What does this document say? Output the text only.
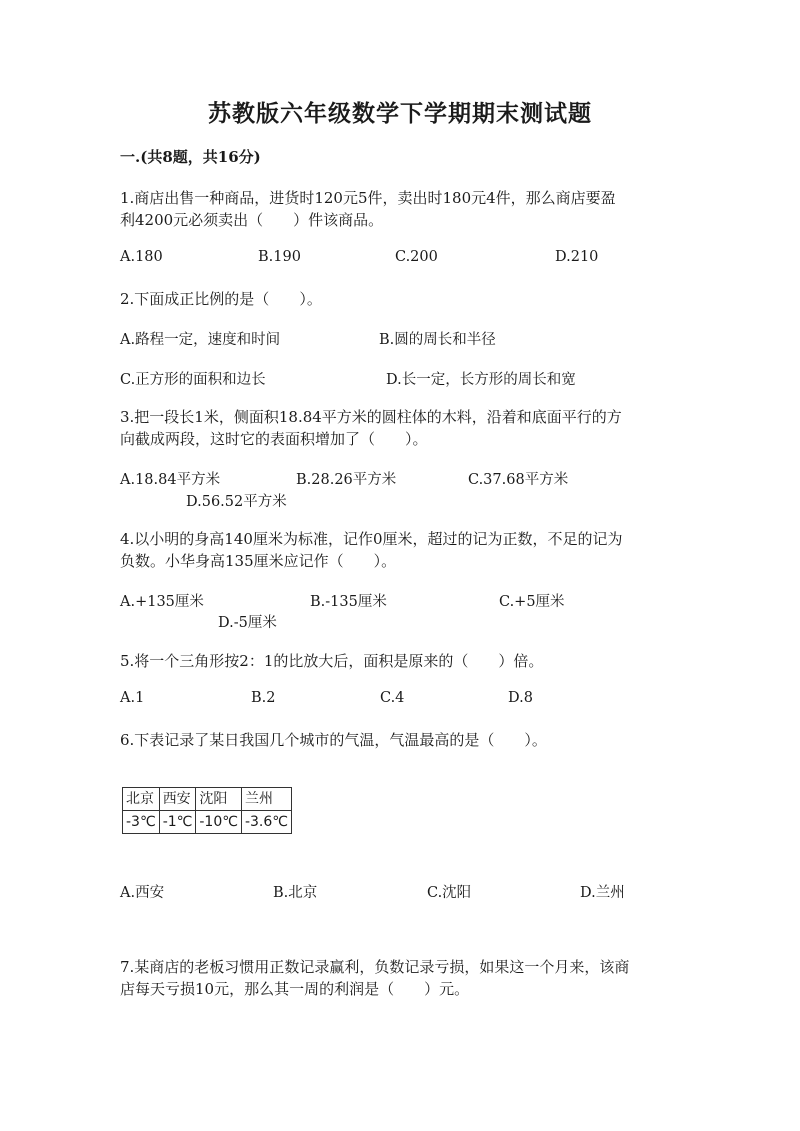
苏教版六年级数学下学期期末测试题
一.(共8题，共16分)
1.商店出售一种商品，进货时120元5件，卖出时180元4件，那么商店要盈
利4200元必须卖出（　　）件该商品。
A.180	B.190	C.200	D.210
2.下面成正比例的是（　　）。
A.路程一定，速度和时间	B.圆的周长和半径
C.正方形的面积和边长	D.长一定，长方形的周长和宽
3.把一段长1米，侧面积18.84平方米的圆柱体的木料，沿着和底面平行的方
向截成两段，这时它的表面积增加了（　　）。
A.18.84平方米	B.28.26平方米	C.37.68平方米
D.56.52平方米
4.以小明的身高140厘米为标准，记作0厘米，超过的记为正数，不足的记为
负数。小华身高135厘米应记作（　　）。
A.+135厘米	B.-135厘米	C.+5厘米
D.-5厘米
5.将一个三角形按2：1的比放大后，面积是原来的（　　）倍。
A.1	B.2	C.4	D.8
6.下表记录了某日我国几个城市的气温，气温最高的是（　　）。
北京	西安	沈阳	兰州
-3℃	-1℃	-10℃	-3.6℃
A.西安	B.北京	C.沈阳	D.兰州
7.某商店的老板习惯用正数记录赢利，负数记录亏损，如果这一个月来，该商
店每天亏损10元，那么其一周的利润是（　　）元。
